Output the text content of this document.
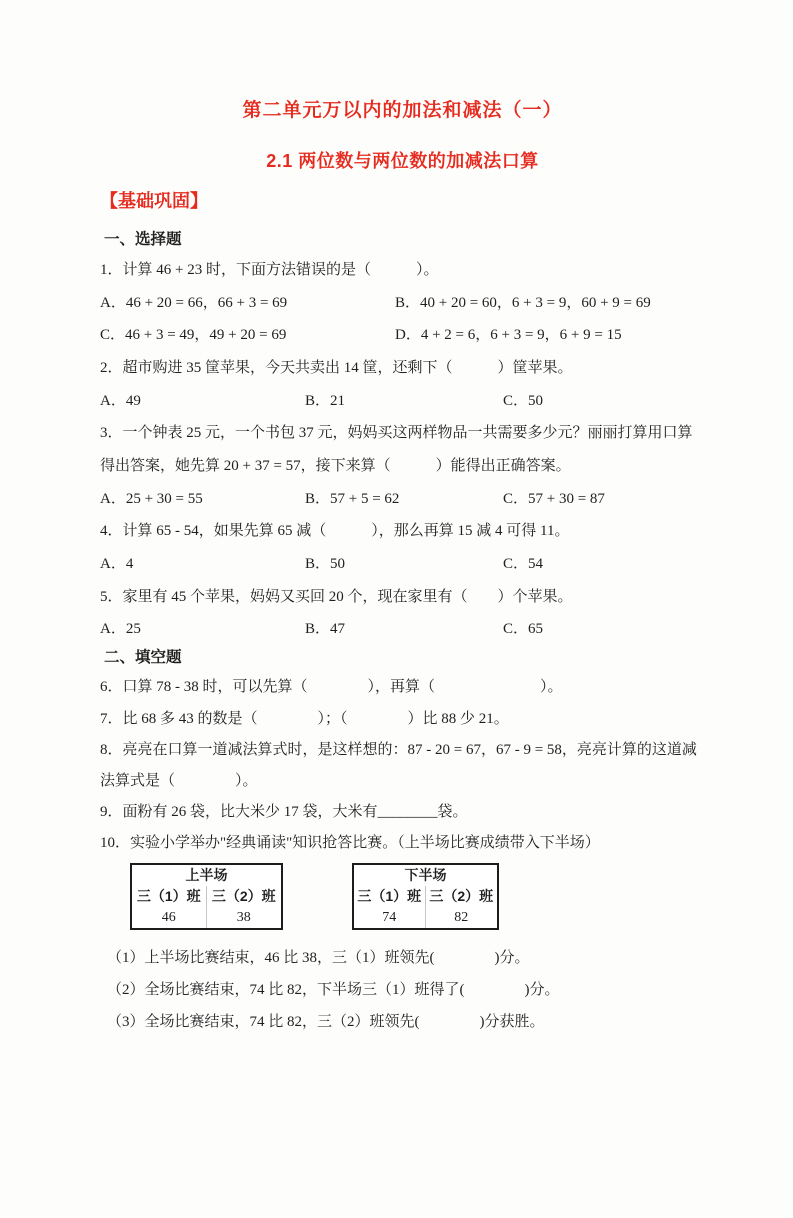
第二单元万以内的加法和减法（一）
2.1 两位数与两位数的加减法口算
【基础巩固】
一、选择题
1．计算 46 + 23 时，下面方法错误的是（　　　）。
A．46 + 20 = 66，66 + 3 = 69	B．40 + 20 = 60，6 + 3 = 9，60 + 9 = 69
C．46 + 3 = 49，49 + 20 = 69	D．4 + 2 = 6，6 + 3 = 9，6 + 9 = 15
2．超市购进 35 筐苹果，今天共卖出 14 筐，还剩下（　　　）筐苹果。
A．49	B．21	C．50
3．一个钟表 25 元，一个书包 37 元，妈妈买这两样物品一共需要多少元？丽丽打算用口算
得出答案，她先算 20 + 37 = 57，接下来算（　　　）能得出正确答案。
A．25 + 30 = 55	B．57 + 5 = 62	C．57 + 30 = 87
4．计算 65 - 54，如果先算 65 减（　　　），那么再算 15 减 4 可得 11。
A．4	B．50	C．54
5．家里有 45 个苹果，妈妈又买回 20 个，现在家里有（　　）个苹果。
A．25	B．47	C．65
二、填空题
6．口算 78 - 38 时，可以先算（　　　　），再算（　　　　　　　）。
7．比 68 多 43 的数是（　　　　）；（　　　　）比 88 少 21。
8．亮亮在口算一道减法算式时，是这样想的：87 - 20 = 67，67 - 9 = 58，亮亮计算的这道减
法算式是（　　　　）。
9．面粉有 26 袋，比大米少 17 袋，大米有________袋。
10．实验小学举办"经典诵读"知识抢答比赛。（上半场比赛成绩带入下半场）
上半场
三（1）班 三（2）班
46	38
下半场
三（1）班 三（2）班
74	82
（1）上半场比赛结束，46 比 38，三（1）班领先(　　　　)分。
（2）全场比赛结束，74 比 82，下半场三（1）班得了(　　　　)分。
（3）全场比赛结束，74 比 82，三（2）班领先(　　　　)分获胜。
